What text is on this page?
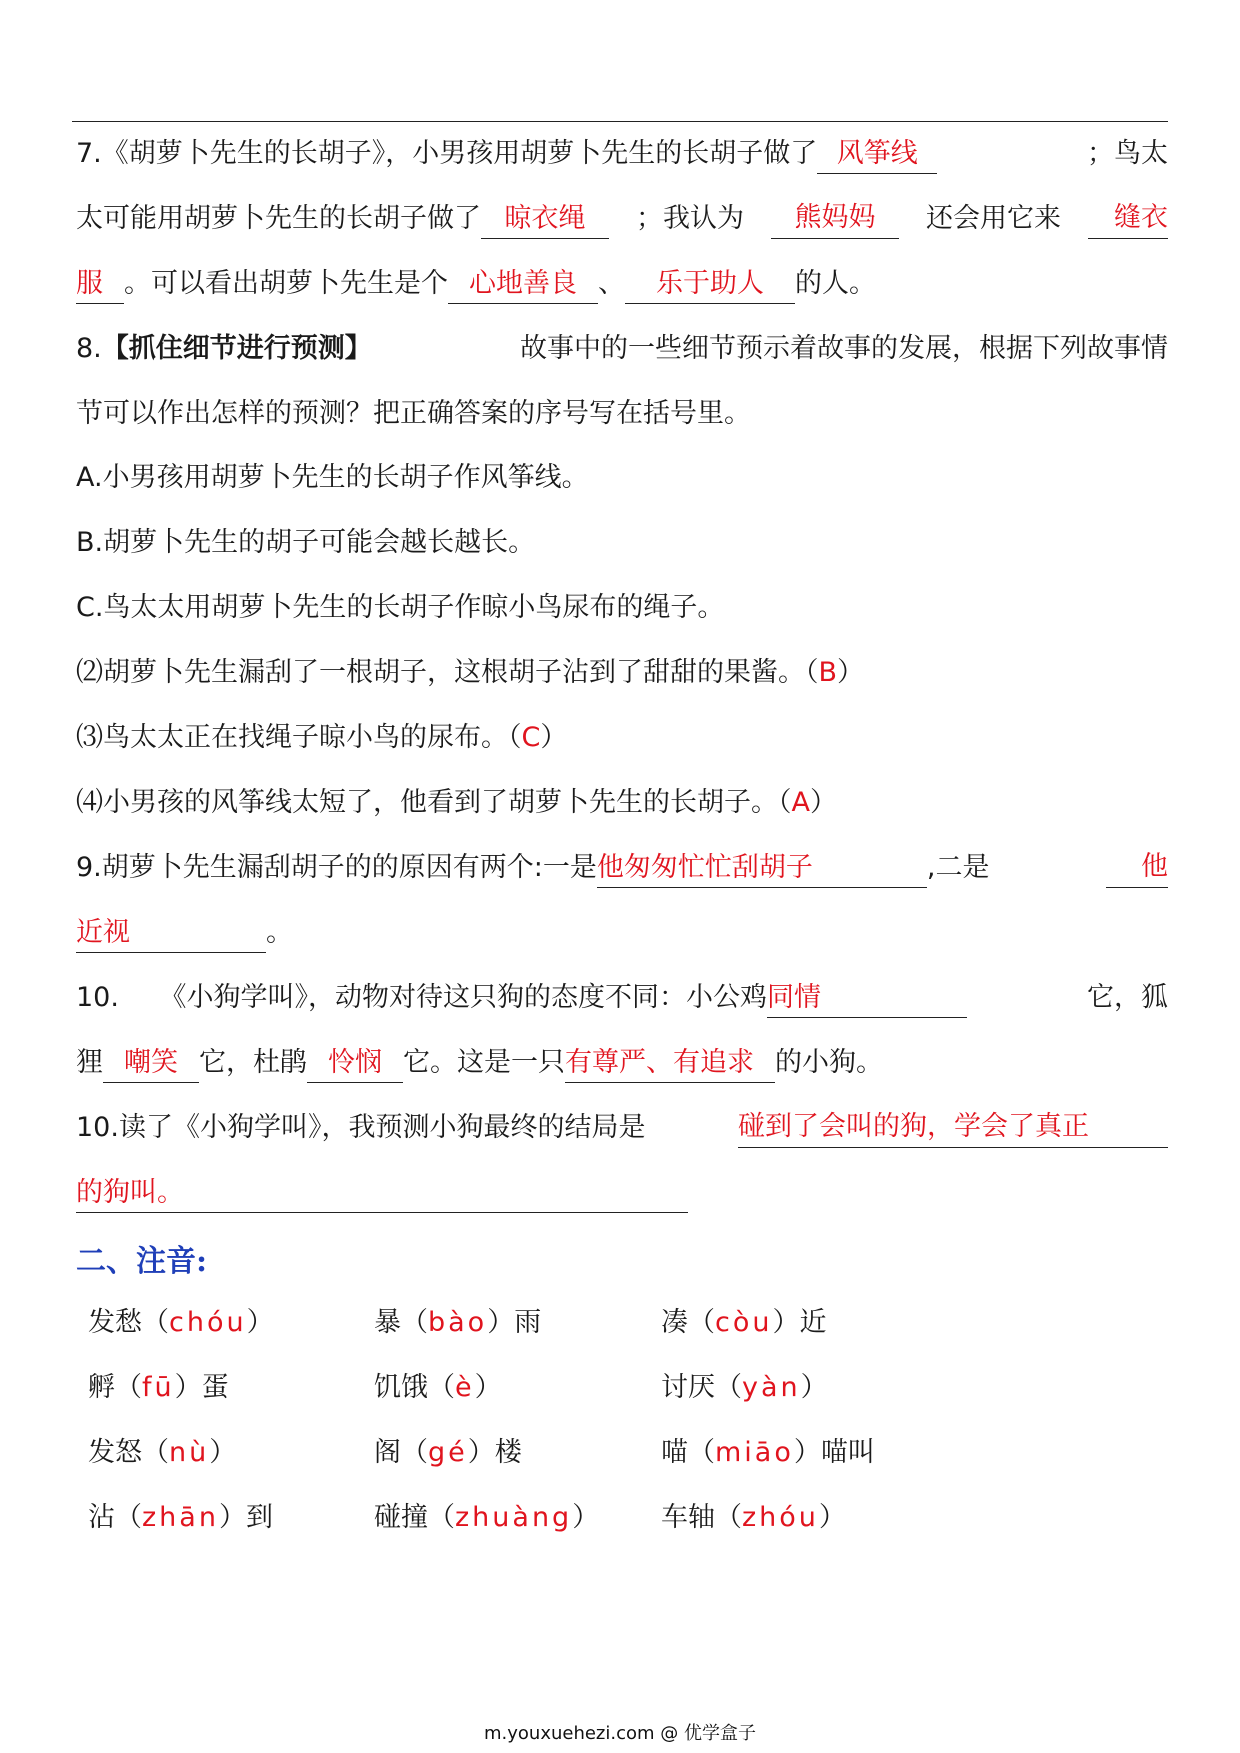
7.《胡萝卜先生的长胡子》，小男孩用胡萝卜先生的长胡子做了 风筝线	；鸟太
太可能用胡萝卜先生的长胡子做了 晾衣绳	；我认为	熊妈妈	还会用它来	缝衣
服 。可以看出胡萝卜先生是个 心地善良 、 乐于助人 的人。
8.【抓住细节进行预测】	故事中的一些细节预示着故事的发展，根据下列故事情
节可以作出怎样的预测？把正确答案的序号写在括号里。
A.小男孩用胡萝卜先生的长胡子作风筝线。
B.胡萝卜先生的胡子可能会越长越长。
C.鸟太太用胡萝卜先生的长胡子作晾小鸟尿布的绳子。
⑵胡萝卜先生漏刮了一根胡子，这根胡子沾到了甜甜的果酱。（B）
⑶鸟太太正在找绳子晾小鸟的尿布。（C）
⑷小男孩的风筝线太短了，他看到了胡萝卜先生的长胡子。（A）
9.胡萝卜先生漏刮胡子的的原因有两个:一是他匆匆忙忙刮胡子	,二是	他
近视	。
10.　　《小狗学叫》，动物对待这只狗的态度不同：小公鸡同情	它，狐
狸 嘲笑 它，杜鹃 怜悯 它。这是一只有尊严、有追求 的小狗。
10.读了《小狗学叫》，我预测小狗最终的结局是	碰到了会叫的狗，学会了真正
的狗叫。
二、注音:
发愁（chóu）	暴（bào）雨	凑（còu）近
孵（fū）蛋	饥饿（è）	讨厌（yàn）
发怒（nù）	阁（gé）楼	喵（miāo）喵叫
沾（zhān）到	碰撞（zhuàng） 车轴（zhóu）
m.youxuehezi.com @ 优学盒子
